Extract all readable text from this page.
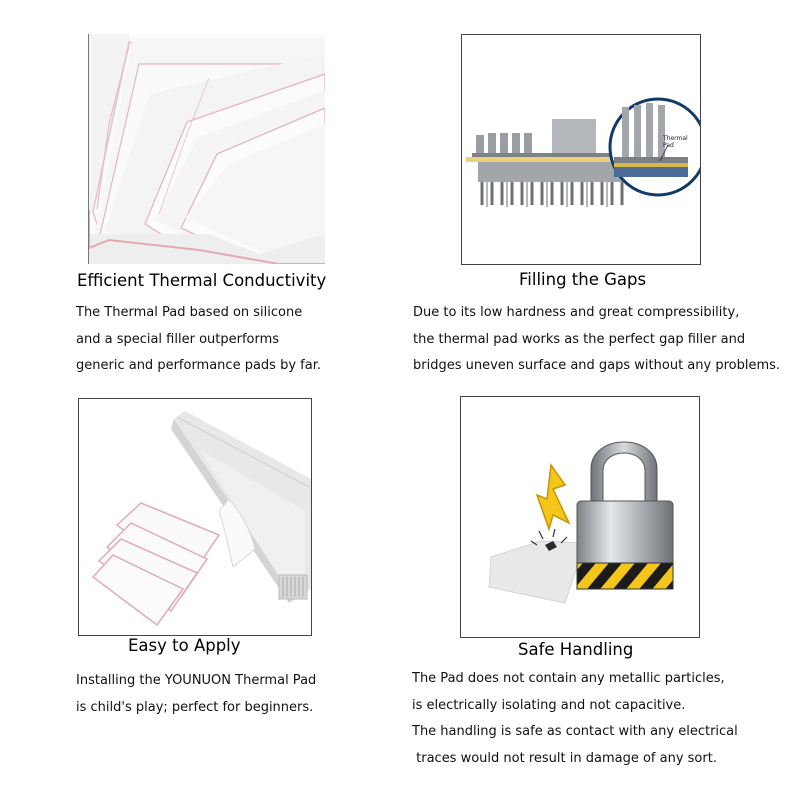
Thermal Pad
Efficient Thermal Conductivity
The Thermal Pad based on silicone
and a special filler outperforms
generic and performance pads by far.
Filling the Gaps
Due to its low hardness and great compressibility,
the thermal pad works as the perfect gap filler and
bridges uneven surface and gaps without any problems.
Easy to Apply
Installing the YOUNUON Thermal Pad
is child's play; perfect for beginners.
Safe Handling
The Pad does not contain any metallic particles,
is electrically isolating and not capacitive.
The handling is safe as contact with any electrical
traces would not result in damage of any sort.
